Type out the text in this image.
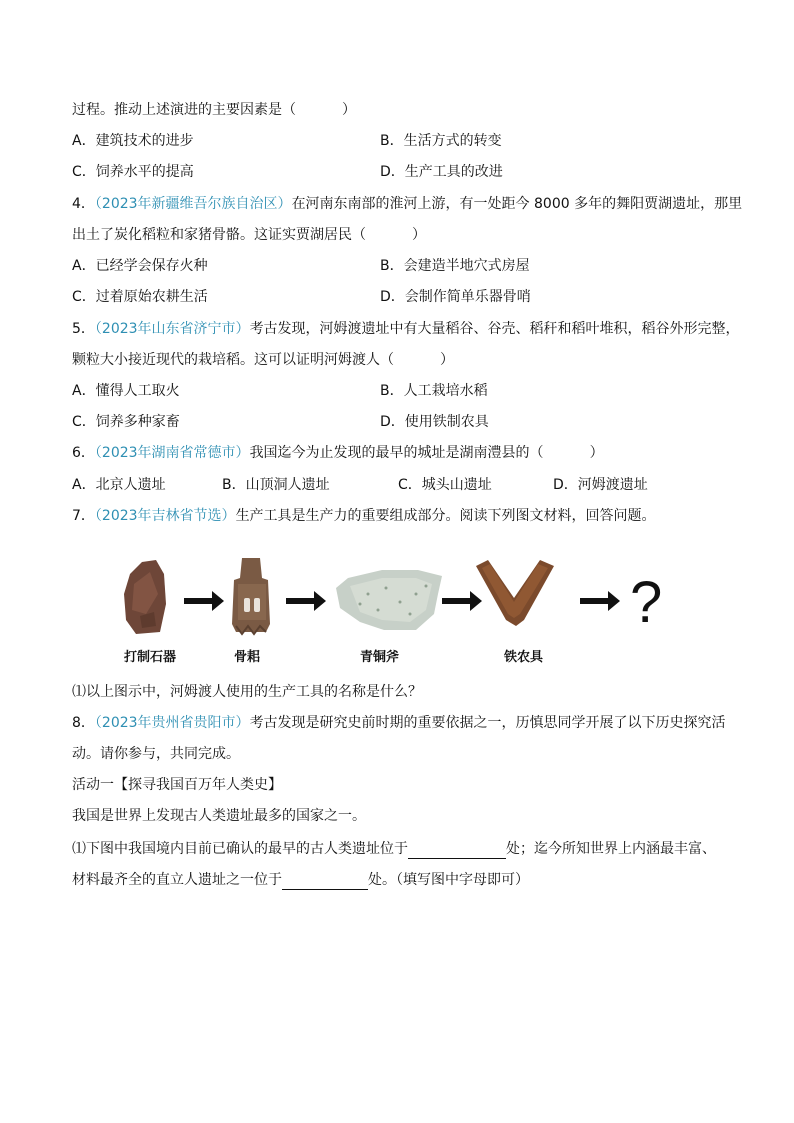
过程。推动上述演进的主要因素是（	）
A．建筑技术的进步	B．生活方式的转变
C．饲养水平的提高	D．生产工具的改进
4．（2023年新疆维吾尔族自治区）在河南东南部的淮河上游，有一处距今 8000 多年的舞阳贾湖遗址，那里
出土了炭化稻粒和家猪骨骼。这证实贾湖居民（	）
A．已经学会保存火种	B．会建造半地穴式房屋
C．过着原始农耕生活	D．会制作简单乐器骨哨
5．（2023年山东省济宁市）考古发现，河姆渡遗址中有大量稻谷、谷壳、稻秆和稻叶堆积，稻谷外形完整，
颗粒大小接近现代的栽培稻。这可以证明河姆渡人（	）
A．懂得人工取火	B．人工栽培水稻
C．饲养多种家畜	D．使用铁制农具
6．（2023年湖南省常德市）我国迄今为止发现的最早的城址是湖南澧县的（	）
A．北京人遗址	B．山顶洞人遗址	C．城头山遗址	D．河姆渡遗址
7．（2023年吉林省节选）生产工具是生产力的重要组成部分。阅读下列图文材料，回答问题。
?
打制石器	骨耜	青铜斧	铁农具
⑴以上图示中，河姆渡人使用的生产工具的名称是什么？
8．（2023年贵州省贵阳市）考古发现是研究史前时期的重要依据之一，历慎思同学开展了以下历史探究活
动。请你参与，共同完成。
活动一【探寻我国百万年人类史】
我国是世界上发现古人类遗址最多的国家之一。
⑴下图中我国境内目前已确认的最早的古人类遗址位于	处；迄今所知世界上内涵最丰富、
材料最齐全的直立人遗址之一位于	处。（填写图中字母即可）
